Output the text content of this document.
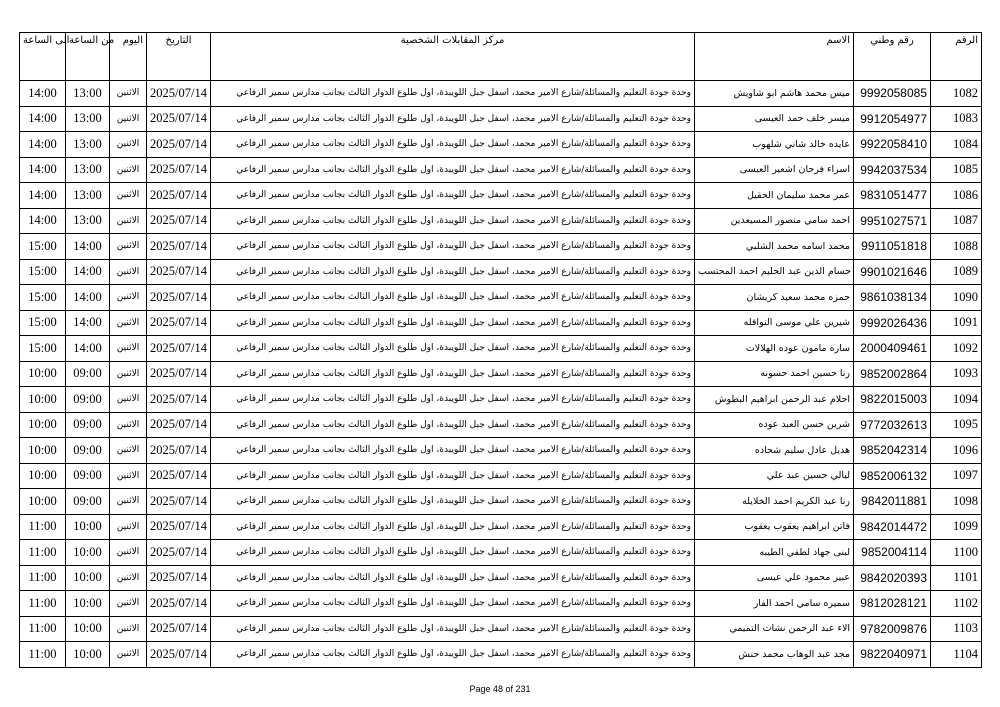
الى الساعة	من الساعة	اليوم	التاريخ	مركز المقابلات الشخصية	الاسم	رقم وطني	الرقم
14:00	13:00	الاثنين	2025/07/14	وحدة جودة التعليم والمسائلة/شارع الامير محمد، اسفل جبل اللويبدة، اول طلوع الدوار الثالث بجانب مدارس سمير الرفاعي	ميس محمد هاشم ابو شاويش	9992058085	1082
14:00	13:00	الاثنين	2025/07/14	وحدة جودة التعليم والمسائلة/شارع الامير محمد، اسفل جبل اللويبدة، اول طلوع الدوار الثالث بجانب مدارس سمير الرفاعي	ميسر خلف حمد العيسى	9912054977	1083
14:00	13:00	الاثنين	2025/07/14	وحدة جودة التعليم والمسائلة/شارع الامير محمد، اسفل جبل اللويبدة، اول طلوع الدوار الثالث بجانب مدارس سمير الرفاعي	عايده خالد شاني شلهوب	9922058410	1084
14:00	13:00	الاثنين	2025/07/14	وحدة جودة التعليم والمسائلة/شارع الامير محمد، اسفل جبل اللويبدة، اول طلوع الدوار الثالث بجانب مدارس سمير الرفاعي	اسراء فرحان اشعير العيسى	9942037534	1085
14:00	13:00	الاثنين	2025/07/14	وحدة جودة التعليم والمسائلة/شارع الامير محمد، اسفل جبل اللويبدة، اول طلوع الدوار الثالث بجانب مدارس سمير الرفاعي	عمر محمد سليمان الحقيل	9831051477	1086
14:00	13:00	الاثنين	2025/07/14	وحدة جودة التعليم والمسائلة/شارع الامير محمد، اسفل جبل اللويبدة، اول طلوع الدوار الثالث بجانب مدارس سمير الرفاعي	احمد سامي منصور المسيعدين	9951027571	1087
15:00	14:00	الاثنين	2025/07/14	وحدة جودة التعليم والمسائلة/شارع الامير محمد، اسفل جبل اللويبدة، اول طلوع الدوار الثالث بجانب مدارس سمير الرفاعي	محمد اسامه محمد الشلبي	9911051818	1088
15:00	14:00	الاثنين	2025/07/14	وحدة جودة التعليم والمسائلة/شارع الامير محمد، اسفل جبل اللويبدة، اول طلوع الدوار الثالث بجانب مدارس سمير الرفاعي	حسام الدين عبد الحليم احمد المحتسب	9901021646	1089
15:00	14:00	الاثنين	2025/07/14	وحدة جودة التعليم والمسائلة/شارع الامير محمد، اسفل جبل اللويبدة، اول طلوع الدوار الثالث بجانب مدارس سمير الرفاعي	حمزه محمد سعيد كريشان	9861038134	1090
15:00	14:00	الاثنين	2025/07/14	وحدة جودة التعليم والمسائلة/شارع الامير محمد، اسفل جبل اللويبدة، اول طلوع الدوار الثالث بجانب مدارس سمير الرفاعي	شيرين علي موسى النوافله	9992026436	1091
15:00	14:00	الاثنين	2025/07/14	وحدة جودة التعليم والمسائلة/شارع الامير محمد، اسفل جبل اللويبدة، اول طلوع الدوار الثالث بجانب مدارس سمير الرفاعي	ساره مامون عوده الهلالات	2000409461	1092
10:00	09:00	الاثنين	2025/07/14	وحدة جودة التعليم والمسائلة/شارع الامير محمد، اسفل جبل اللويبدة، اول طلوع الدوار الثالث بجانب مدارس سمير الرفاعي	رنا حسين احمد حسونه	9852002864	1093
10:00	09:00	الاثنين	2025/07/14	وحدة جودة التعليم والمسائلة/شارع الامير محمد، اسفل جبل اللويبدة، اول طلوع الدوار الثالث بجانب مدارس سمير الرفاعي	احلام عبد الرحمن ابراهيم البطوش	9822015003	1094
10:00	09:00	الاثنين	2025/07/14	وحدة جودة التعليم والمسائلة/شارع الامير محمد، اسفل جبل اللويبدة، اول طلوع الدوار الثالث بجانب مدارس سمير الرفاعي	شرين حسن العبد عوده	9772032613	1095
10:00	09:00	الاثنين	2025/07/14	وحدة جودة التعليم والمسائلة/شارع الامير محمد، اسفل جبل اللويبدة، اول طلوع الدوار الثالث بجانب مدارس سمير الرفاعي	هديل عادل سليم شحاده	9852042314	1096
10:00	09:00	الاثنين	2025/07/14	وحدة جودة التعليم والمسائلة/شارع الامير محمد، اسفل جبل اللويبدة، اول طلوع الدوار الثالث بجانب مدارس سمير الرفاعي	ليالي حسين عبد علي	9852006132	1097
10:00	09:00	الاثنين	2025/07/14	وحدة جودة التعليم والمسائلة/شارع الامير محمد، اسفل جبل اللويبدة، اول طلوع الدوار الثالث بجانب مدارس سمير الرفاعي	رنا عبد الكريم احمد الخلايله	9842011881	1098
11:00	10:00	الاثنين	2025/07/14	وحدة جودة التعليم والمسائلة/شارع الامير محمد، اسفل جبل اللويبدة، اول طلوع الدوار الثالث بجانب مدارس سمير الرفاعي	فاتن ابراهيم يعقوب يعقوب	9842014472	1099
11:00	10:00	الاثنين	2025/07/14	وحدة جودة التعليم والمسائلة/شارع الامير محمد، اسفل جبل اللويبدة، اول طلوع الدوار الثالث بجانب مدارس سمير الرفاعي	لبنى جهاد لطفي الطيبه	9852004114	1100
11:00	10:00	الاثنين	2025/07/14	وحدة جودة التعليم والمسائلة/شارع الامير محمد، اسفل جبل اللويبدة، اول طلوع الدوار الثالث بجانب مدارس سمير الرفاعي	عبير محمود علي عيسى	9842020393	1101
11:00	10:00	الاثنين	2025/07/14	وحدة جودة التعليم والمسائلة/شارع الامير محمد، اسفل جبل اللويبدة، اول طلوع الدوار الثالث بجانب مدارس سمير الرفاعي	سميره سامي احمد الفار	9812028121	1102
11:00	10:00	الاثنين	2025/07/14	وحدة جودة التعليم والمسائلة/شارع الامير محمد، اسفل جبل اللويبدة، اول طلوع الدوار الثالث بجانب مدارس سمير الرفاعي	الاء عبد الرحمن نشات التميمي	9782009876	1103
11:00	10:00	الاثنين	2025/07/14	وحدة جودة التعليم والمسائلة/شارع الامير محمد، اسفل جبل اللويبدة، اول طلوع الدوار الثالث بجانب مدارس سمير الرفاعي	مجد عبد الوهاب محمد حنش	9822040971	1104
Page 48 of 231
